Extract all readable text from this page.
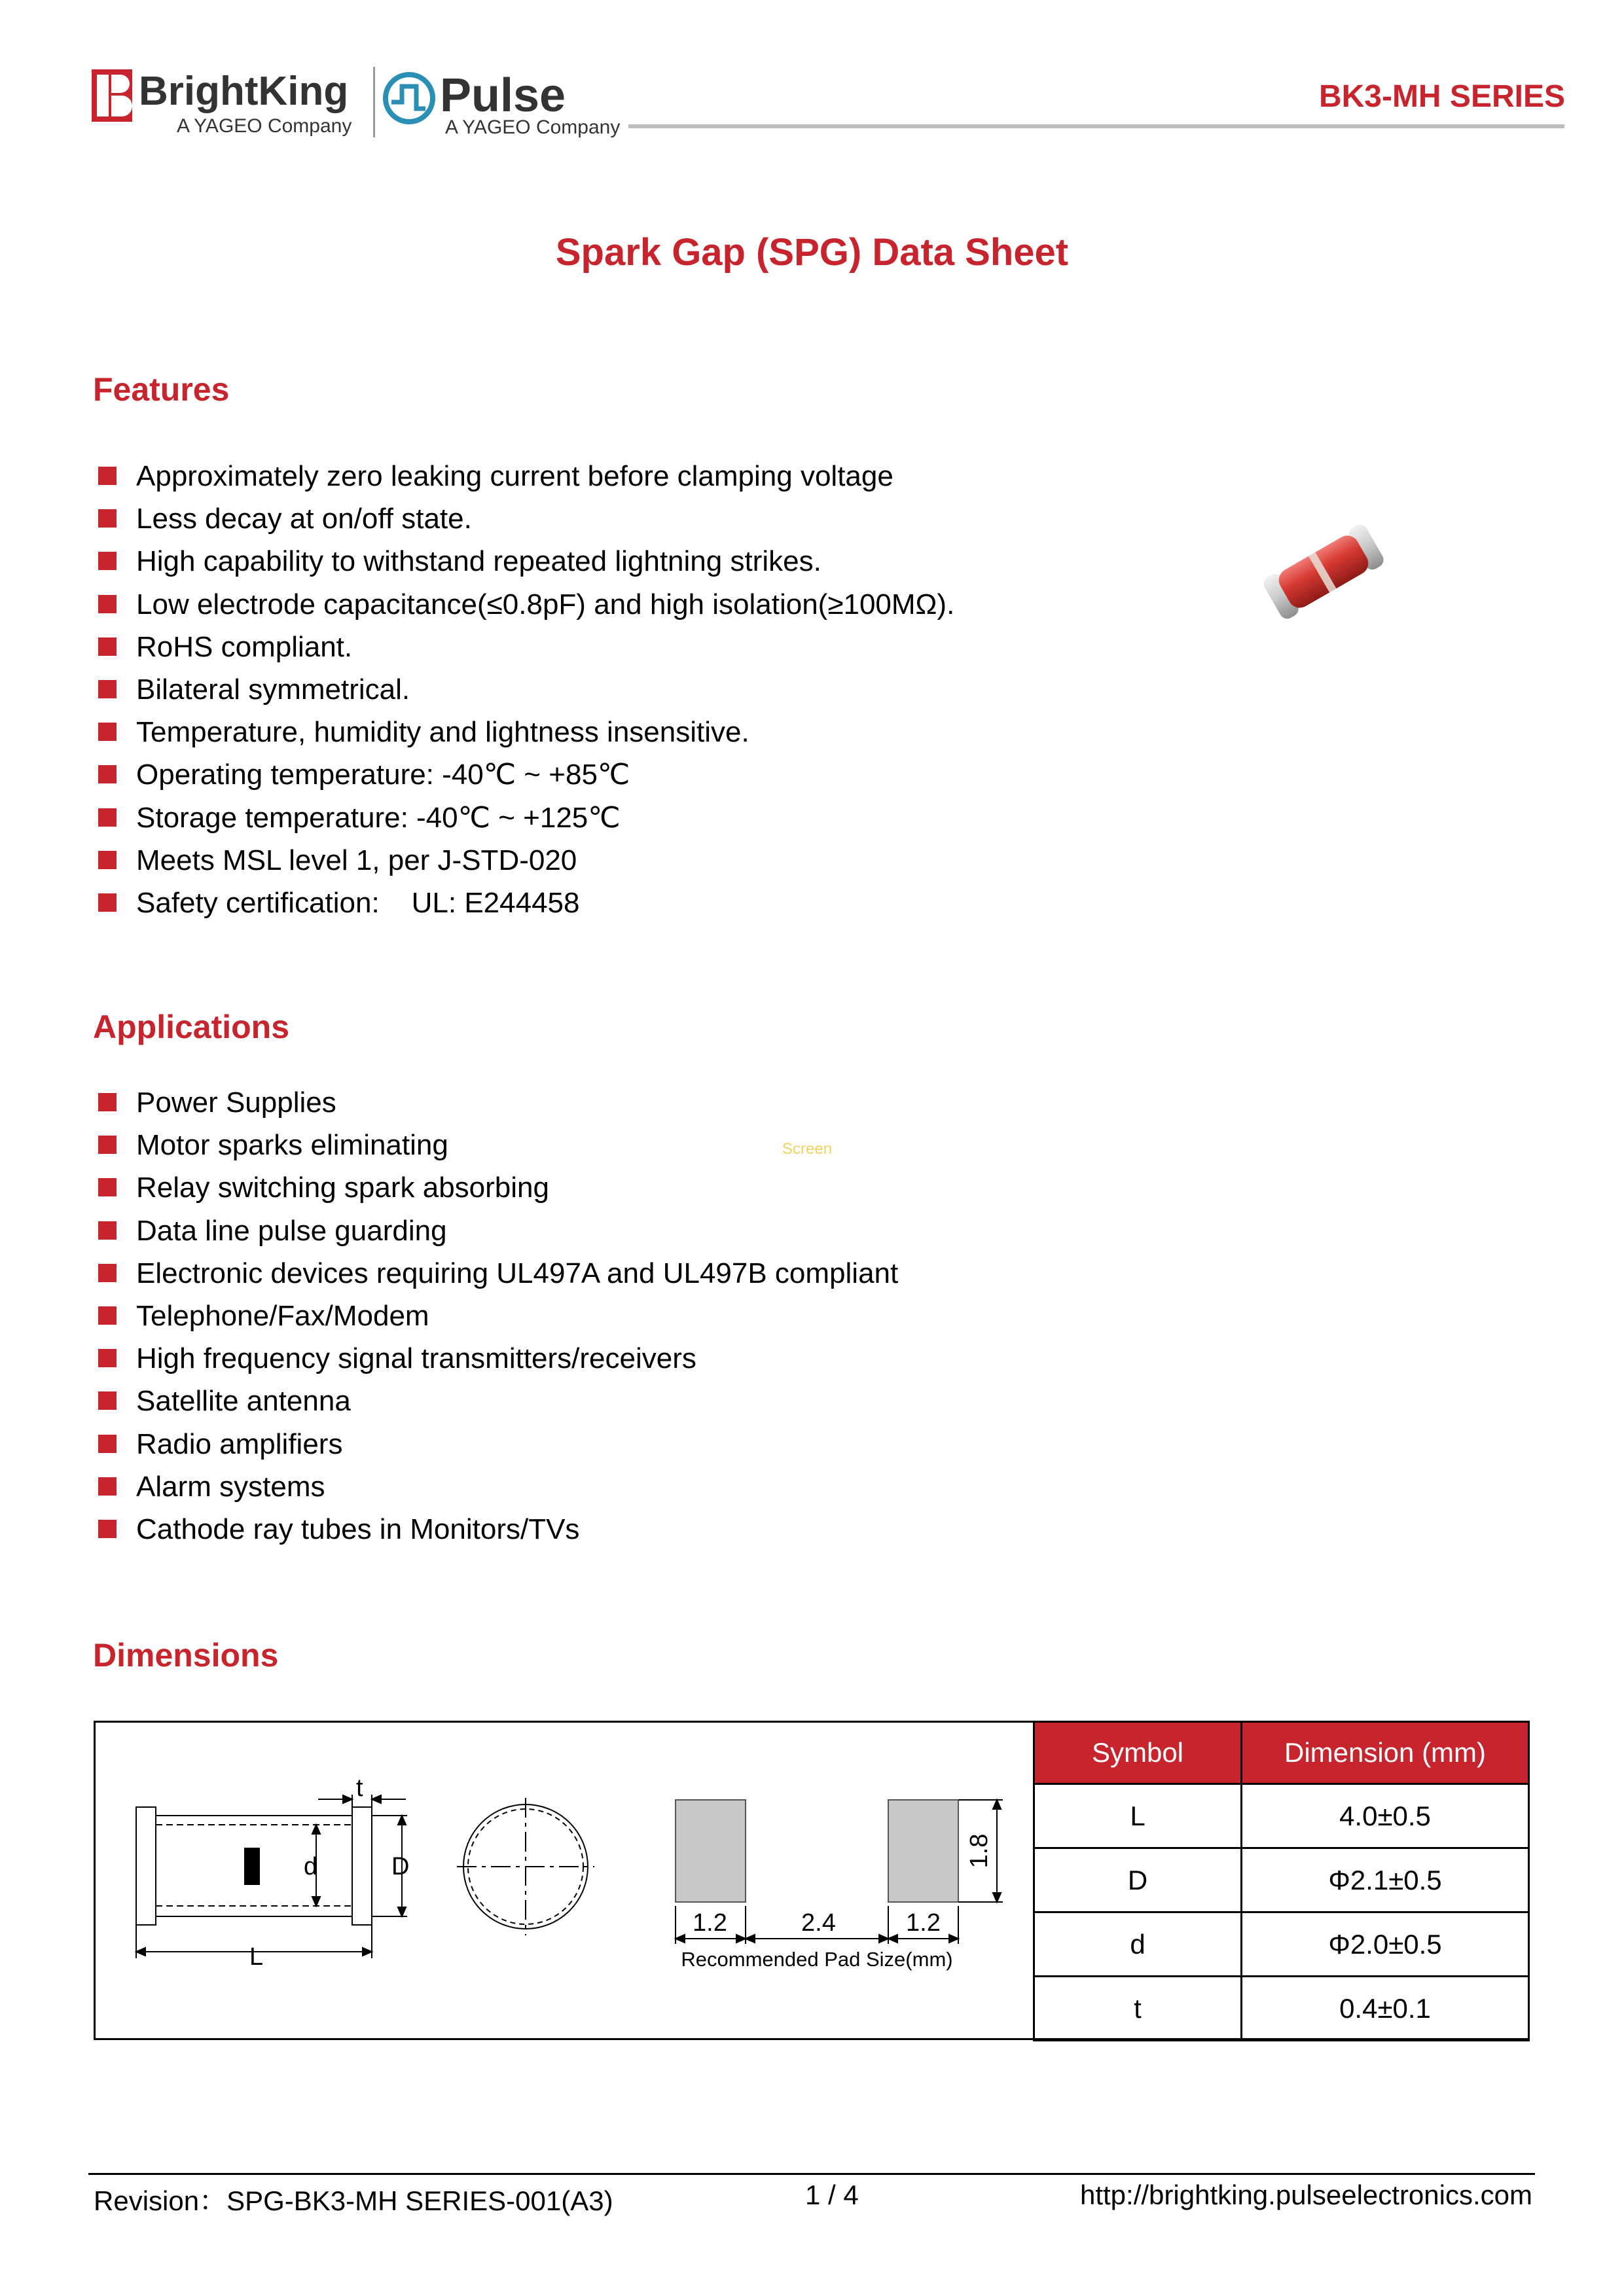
BrightKing
A YAGEO Company
Pulse
A YAGEO Company
BK3-MH SERIES
Spark Gap (SPG) Data Sheet
Features
Approximately zero leaking current before clamping voltage
Less decay at on/off state.
High capability to withstand repeated lightning strikes.
Low electrode capacitance(≤0.8pF) and high isolation(≥100MΩ).
RoHS compliant.
Bilateral symmetrical.
Temperature, humidity and lightness insensitive.
Operating temperature: -40℃ ~ +85℃
Storage temperature: -40℃ ~ +125℃
Meets MSL level 1, per J-STD-020
Safety certification:    UL: E244458
Applications
Power Supplies
Motor sparks eliminating
Relay switching spark absorbing
Data line pulse guarding
Electronic devices requiring UL497A and UL497B compliant
Telephone/Fax/Modem
High frequency signal transmitters/receivers
Satellite antenna
Radio amplifiers
Alarm systems
Cathode ray tubes in Monitors/TVs
Screen
Dimensions
t
d	D
L
1.2	2.4	1.2
1.8
Recommended Pad Size(mm)
Symbol	Dimension (mm)
L	4.0±0.5
D	Φ2.1±0.5
d	Φ2.0±0.5
t	0.4±0.1
Revision：SPG-BK3-MH SERIES-001(A3)	1 / 4	http://brightking.pulseelectronics.com
